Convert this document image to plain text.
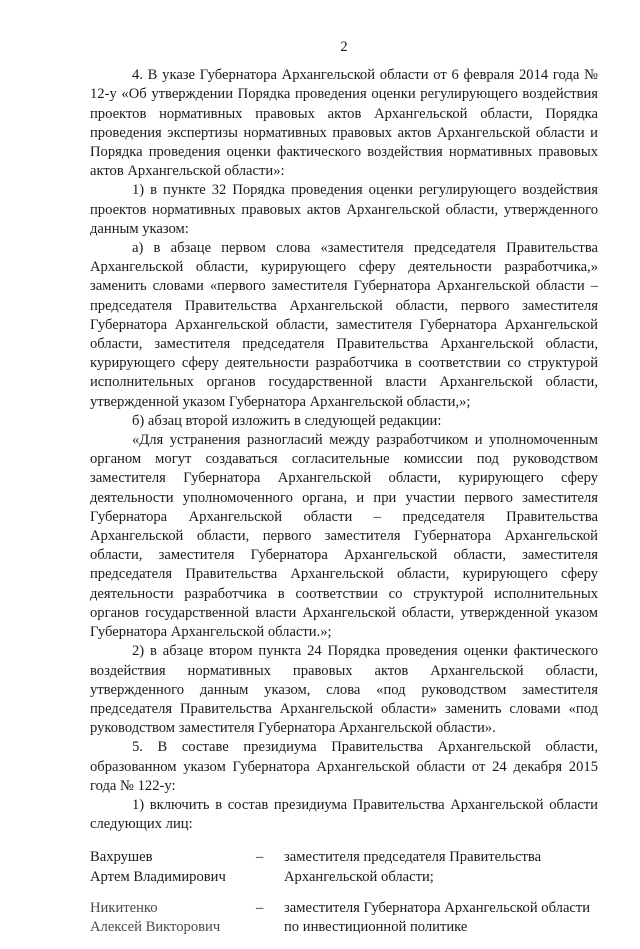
2

4. В указе Губернатора Архангельской области от 6 февраля 2014 года № 12-у «Об утверждении Порядка проведения оценки регулирующего воздействия проектов нормативных правовых актов Архангельской области, Порядка проведения экспертизы нормативных правовых актов Архангельской области и Порядка проведения оценки фактического воздействия нормативных правовых актов Архангельской области»:

1) в пункте 32 Порядка проведения оценки регулирующего воздействия проектов нормативных правовых актов Архангельской области, утвержденного данным указом:

а) в абзаце первом слова «заместителя председателя Правительства Архангельской области, курирующего сферу деятельности разработчика,» заменить словами «первого заместителя Губернатора Архангельской области – председателя Правительства Архангельской области, первого заместителя Губернатора Архангельской области, заместителя Губернатора Архангельской области, заместителя председателя Правительства Архангельской области, курирующего сферу деятельности разработчика в соответствии со структурой исполнительных органов государственной власти Архангельской области, утвержденной указом Губернатора Архангельской области,»;

б) абзац второй изложить в следующей редакции:

«Для устранения разногласий между разработчиком и уполномоченным органом могут создаваться согласительные комиссии под руководством заместителя Губернатора Архангельской области, курирующего сферу деятельности уполномоченного органа, и при участии первого заместителя Губернатора Архангельской области – председателя Правительства Архангельской области, первого заместителя Губернатора Архангельской области, заместителя Губернатора Архангельской области, заместителя председателя Правительства Архангельской области, курирующего сферу деятельности разработчика в соответствии со структурой исполнительных органов государственной власти Архангельской области, утвержденной указом Губернатора Архангельской области.»;

2) в абзаце втором пункта 24 Порядка проведения оценки фактического воздействия нормативных правовых актов Архангельской области, утвержденного данным указом, слова «под руководством заместителя председателя Правительства Архангельской области» заменить словами «под руководством заместителя Губернатора Архангельской области».

5. В составе президиума Правительства Архангельской области, образованном указом Губернатора Архангельской области от 24 декабря 2015 года № 122-у:

1) включить в состав президиума Правительства Архангельской области следующих лиц:

Вахрушев
Артем Владимирович
–	заместителя председателя Правительства Архангельской области;
Никитенко
Алексей Викторович
–	заместителя Губернатора Архангельской области по инвестиционной политике
